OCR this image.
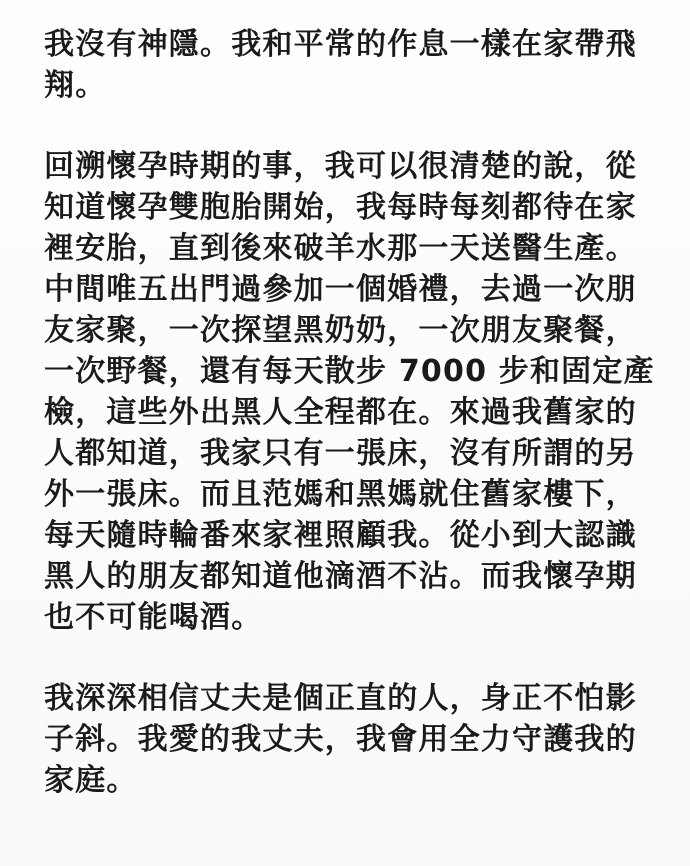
我沒有神隱。我和平常的作息一樣在家帶飛
翔。
回溯懷孕時期的事，我可以很清楚的說，從
知道懷孕雙胞胎開始，我每時每刻都待在家
裡安胎，直到後來破羊水那一天送醫生產。
中間唯五出門過參加一個婚禮，去過一次朋
友家聚，一次探望黑奶奶，一次朋友聚餐，
一次野餐，還有每天散步 7000 步和固定產
檢，這些外出黑人全程都在。來過我舊家的
人都知道，我家只有一張床，沒有所謂的另
外一張床。而且范媽和黑媽就住舊家樓下，
每天隨時輪番來家裡照顧我。從小到大認識
黑人的朋友都知道他滴酒不沾。而我懷孕期
也不可能喝酒。
我深深相信丈夫是個正直的人，身正不怕影
子斜。我愛的我丈夫，我會用全力守護我的
家庭。
